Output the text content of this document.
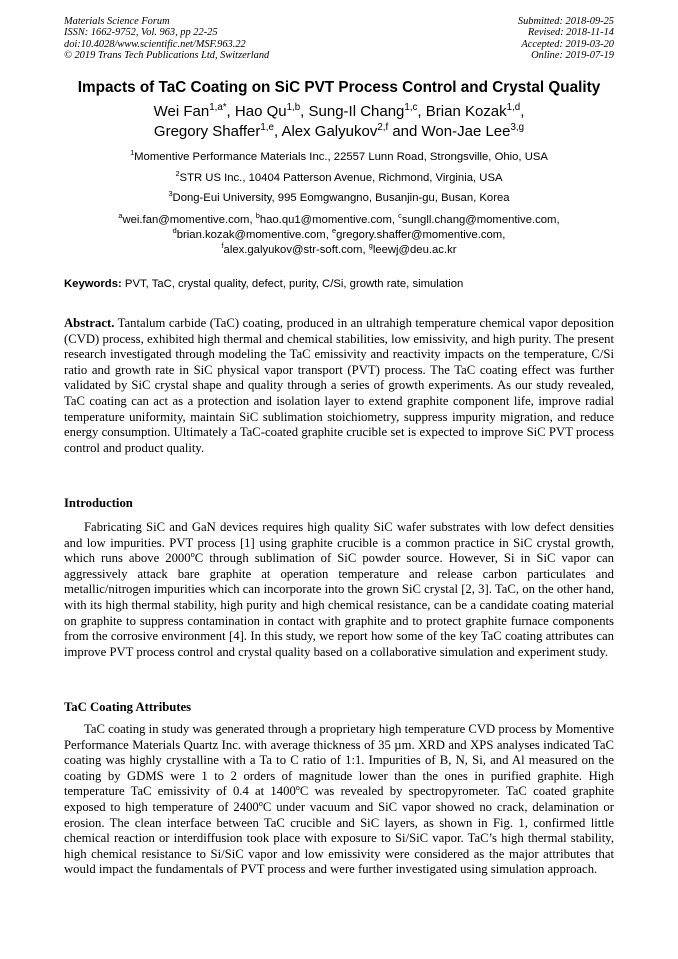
Materials Science Forum
ISSN: 1662-9752, Vol. 963, pp 22-25
doi:10.4028/www.scientific.net/MSF.963.22
© 2019 Trans Tech Publications Ltd, Switzerland
Submitted: 2018-09-25
Revised: 2018-11-14
Accepted: 2019-03-20
Online: 2019-07-19
Impacts of TaC Coating on SiC PVT Process Control and Crystal Quality
Wei Fan$^{1,a*}$, Hao Qu$^{1,b}$, Sung-Il Chang$^{1,c}$, Brian Kozak$^{1,d}$,
Gregory Shaffer$^{1,e}$, Alex Galyukov$^{2,f}$ and Won-Jae Lee$^{3,g}$
$^1$Momentive Performance Materials Inc., 22557 Lunn Road, Strongsville, Ohio, USA
$^2$STR US Inc., 10404 Patterson Avenue, Richmond, Virginia, USA
$^3$Dong-Eui University, 995 Eomgwangno, Busanjin-gu, Busan, Korea
$^a$wei.fan@momentive.com, $^b$hao.qu1@momentive.com, $^c$sungll.chang@momentive.com,
$^d$brian.kozak@momentive.com, $^e$gregory.shaffer@momentive.com,
$^f$alex.galyukov@str-soft.com, $^g$leewj@deu.ac.kr
Keywords: PVT, TaC, crystal quality, defect, purity, C/Si, growth rate, simulation

Abstract. Tantalum carbide (TaC) coating, produced in an ultrahigh temperature chemical vapor deposition (CVD) process, exhibited high thermal and chemical stabilities, low emissivity, and high purity. The present research investigated through modeling the TaC emissivity and reactivity impacts on the temperature, C/Si ratio and growth rate in SiC physical vapor transport (PVT) process. The TaC coating effect was further validated by SiC crystal shape and quality through a series of growth experiments. As our study revealed, TaC coating can act as a protection and isolation layer to extend graphite component life, improve radial temperature uniformity, maintain SiC sublimation stoichiometry, suppress impurity migration, and reduce energy consumption. Ultimately a TaC-coated graphite crucible set is expected to improve SiC PVT process control and product quality.

Introduction

Fabricating SiC and GaN devices requires high quality SiC wafer substrates with low defect densities and low impurities. PVT process [1] using graphite crucible is a common practice in SiC crystal growth, which runs above 2000$^o$C through sublimation of SiC powder source. However, Si in SiC vapor can aggressively attack bare graphite at operation temperature and release carbon particulates and metallic/nitrogen impurities which can incorporate into the grown SiC crystal [2, 3]. TaC, on the other hand, with its high thermal stability, high purity and high chemical resistance, can be a candidate coating material on graphite to suppress contamination in contact with graphite and to protect graphite furnace components from the corrosive environment [4]. In this study, we report how some of the key TaC coating attributes can improve PVT process control and crystal quality based on a collaborative simulation and experiment study.

TaC Coating Attributes

TaC coating in study was generated through a proprietary high temperature CVD process by Momentive Performance Materials Quartz Inc. with average thickness of 35 µm. XRD and XPS analyses indicated TaC coating was highly crystalline with a Ta to C ratio of 1:1. Impurities of B, N, Si, and Al measured on the coating by GDMS were 1 to 2 orders of magnitude lower than the ones in purified graphite. High temperature TaC emissivity of 0.4 at 1400$^o$C was revealed by spectropyrometer. TaC coated graphite exposed to high temperature of 2400$^o$C under vacuum and SiC vapor showed no crack, delamination or erosion. The clean interface between TaC crucible and SiC layers, as shown in Fig. 1, confirmed little chemical reaction or interdiffusion took place with exposure to Si/SiC vapor. TaC’s high thermal stability, high chemical resistance to Si/SiC vapor and low emissivity were considered as the major attributes that would impact the fundamentals of PVT process and were further investigated using simulation approach.
